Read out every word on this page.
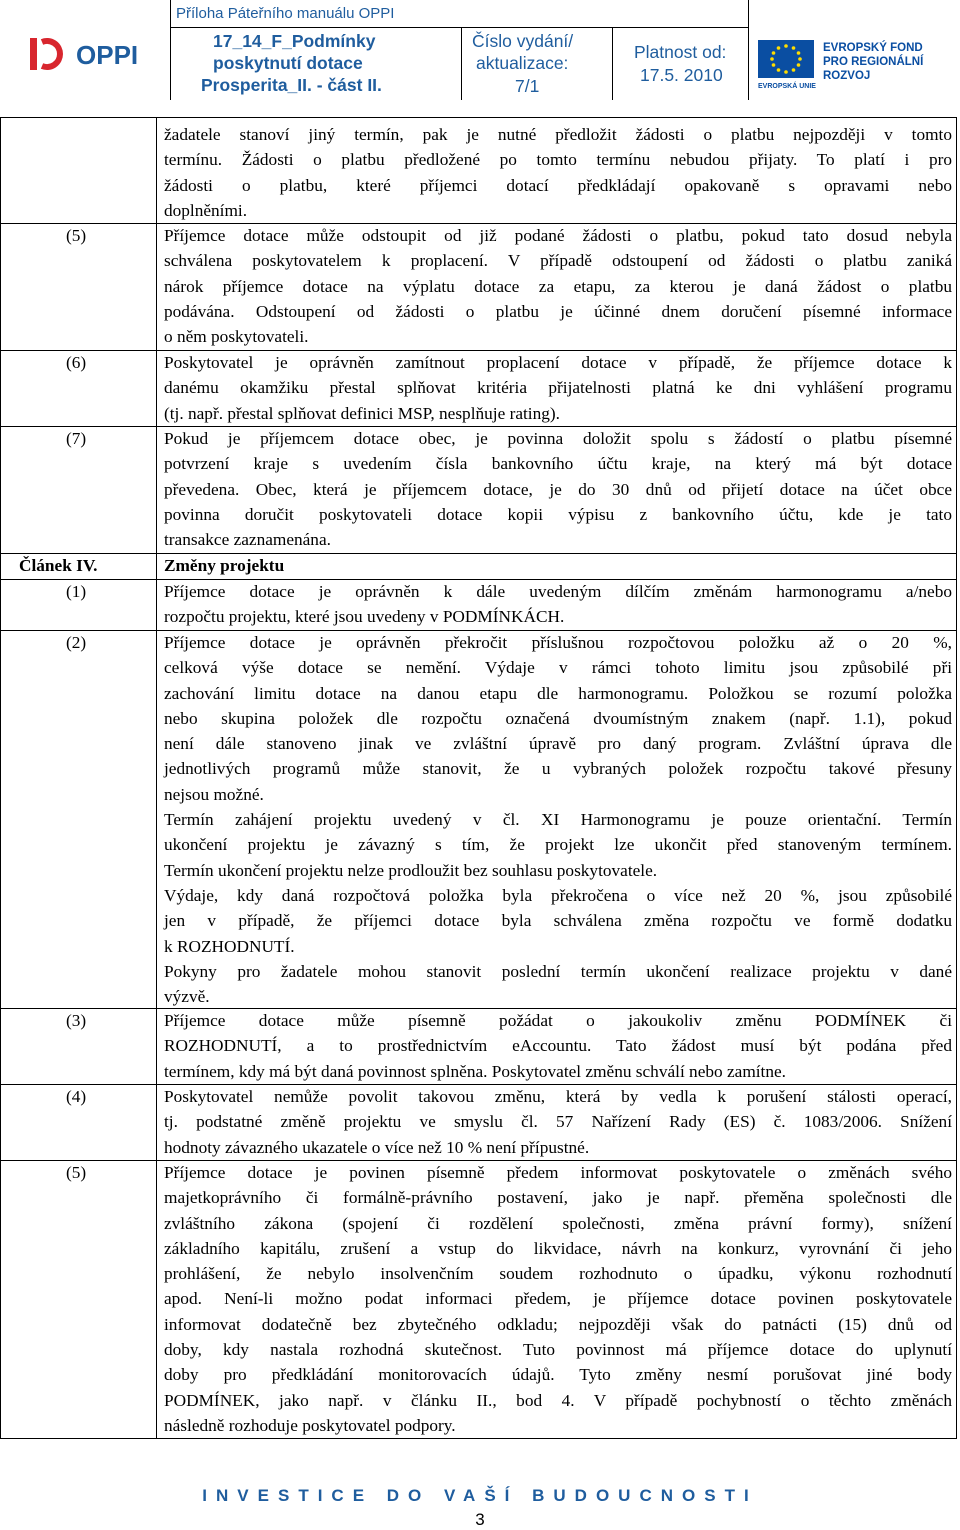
OPPI
Příloha Páteřního manuálu OPPI
17_14_F_Podmínky
poskytnutí dotace
Prosperita_II. - část II.
Číslo vydání/
aktualizace:
7/1
Platnost od:
17.5. 2010
EVROPSKÁ UNIE
EVROPSKÝ FOND
PRO REGIONÁLNÍ
ROZVOJ
žadatele stanoví jiný termín, pak je nutné předložit žádosti o platbu nejpozději v tomto
termínu. Žádosti o platbu předložené po tomto termínu nebudou přijaty. To platí i pro
žádosti o platbu, které příjemci dotací předkládají opakovaně s opravami nebo
doplněními.
(5)	Příjemce dotace může odstoupit od již podané žádosti o platbu, pokud tato dosud nebyla
schválena poskytovatelem k proplacení. V případě odstoupení od žádosti o platbu zaniká
nárok příjemce dotace na výplatu dotace za etapu, za kterou je daná žádost o platbu
podávána. Odstoupení od žádosti o platbu je účinné dnem doručení písemné informace
o něm poskytovateli.
(6)	Poskytovatel je oprávněn zamítnout proplacení dotace v případě, že příjemce dotace k
danému okamžiku přestal splňovat kritéria přijatelnosti platná ke dni vyhlášení programu
(tj. např. přestal splňovat definici MSP, nesplňuje rating).
(7)	Pokud je příjemcem dotace obec, je povinna doložit spolu s žádostí o platbu písemné
potvrzení kraje s uvedením čísla bankovního účtu kraje, na který má být dotace
převedena. Obec, která je příjemcem dotace, je do 30 dnů od přijetí dotace na účet obce
povinna doručit poskytovateli dotace kopii výpisu z bankovního účtu, kde je tato
transakce zaznamenána.
Článek IV.	Změny projektu
(1)	Příjemce dotace je oprávněn k dále uvedeným dílčím změnám harmonogramu a/nebo
rozpočtu projektu, které jsou uvedeny v PODMÍNKÁCH.
(2)	Příjemce dotace je oprávněn překročit příslušnou rozpočtovou položku až o 20 %,
celková výše dotace se nemění. Výdaje v rámci tohoto limitu jsou způsobilé při
zachování limitu dotace na danou etapu dle harmonogramu. Položkou se rozumí položka
nebo skupina položek dle rozpočtu označená dvoumístným znakem (např. 1.1), pokud
není dále stanoveno jinak ve zvláštní úpravě pro daný program. Zvláštní úprava dle
jednotlivých programů může stanovit, že u vybraných položek rozpočtu takové přesuny
nejsou možné.
Termín zahájení projektu uvedený v čl. XI Harmonogramu je pouze orientační. Termín
ukončení projektu je závazný s tím, že projekt lze ukončit před stanoveným termínem.
Termín ukončení projektu nelze prodloužit bez souhlasu poskytovatele.
Výdaje, kdy daná rozpočtová položka byla překročena o více než 20 %, jsou způsobilé
jen v případě, že příjemci dotace byla schválena změna rozpočtu ve formě dodatku
k ROZHODNUTÍ.
Pokyny pro žadatele mohou stanovit poslední termín ukončení realizace projektu v dané
výzvě.
(3)	Příjemce dotace může písemně požádat o jakoukoliv změnu PODMÍNEK či
ROZHODNUTÍ, a to prostřednictvím eAccountu. Tato žádost musí být podána před
termínem, kdy má být daná povinnost splněna. Poskytovatel změnu schválí nebo zamítne.
(4)	Poskytovatel nemůže povolit takovou změnu, která by vedla k porušení stálosti operací,
tj. podstatné změně projektu ve smyslu čl. 57 Nařízení Rady (ES) č. 1083/2006. Snížení
hodnoty závazného ukazatele o více než 10 % není přípustné.
(5)	Příjemce dotace je povinen písemně předem informovat poskytovatele o změnách svého
majetkoprávního či formálně-právního postavení, jako je např. přeměna společnosti dle
zvláštního zákona (spojení či rozdělení společnosti, změna právní formy), snížení
základního kapitálu, zrušení a vstup do likvidace, návrh na konkurz, vyrovnání či jeho
prohlášení, že nebylo insolvenčním soudem rozhodnuto o úpadku, výkonu rozhodnutí
apod. Není-li možno podat informaci předem, je příjemce dotace povinen poskytovatele
informovat dodatečně bez zbytečného odkladu; nejpozději však do patnácti (15) dnů od
doby, kdy nastala rozhodná skutečnost. Tuto povinnost má příjemce dotace do uplynutí
doby pro předkládání monitorovacích údajů. Tyto změny nesmí porušovat jiné body
PODMÍNEK, jako např. v článku II., bod 4. V případě pochybností o těchto změnách
následně rozhoduje poskytovatel podpory.
INVESTICE DO VAŠÍ BUDOUCNOSTI
3
